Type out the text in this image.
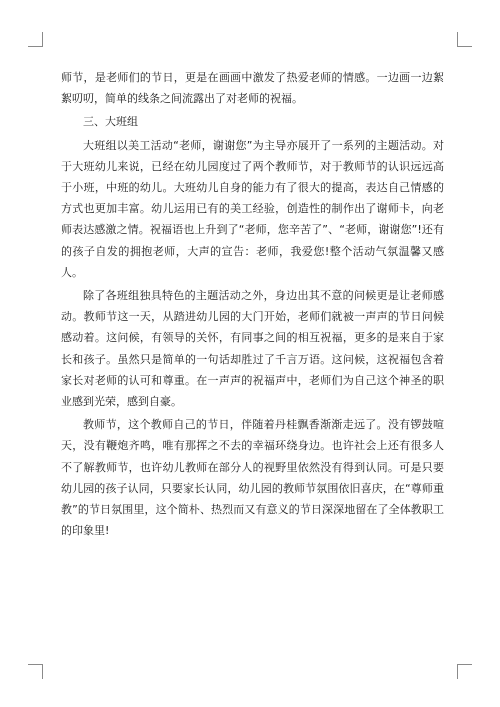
师节，是老师们的节日，更是在画画中激发了热爱老师的情感。一边画一边絮絮叨叨，简单的线条之间流露出了对老师的祝福。

三、大班组

大班组以美工活动“老师，谢谢您”为主导亦展开了一系列的主题活动。对于大班幼儿来说，已经在幼儿园度过了两个教师节，对于教师节的认识远远高于小班，中班的幼儿。大班幼儿自身的能力有了很大的提高，表达自己情感的方式也更加丰富。幼儿运用已有的美工经验，创造性的制作出了谢师卡，向老师表达感激之情。祝福语也上升到了“老师，您辛苦了”、“老师，谢谢您”!还有的孩子自发的拥抱老师，大声的宣告：老师，我爱您!整个活动气氛温馨又感人。

除了各班组独具特色的主题活动之外，身边出其不意的问候更是让老师感动。教师节这一天，从踏进幼儿园的大门开始，老师们就被一声声的节日问候感动着。这问候，有领导的关怀，有同事之间的相互祝福，更多的是来自于家长和孩子。虽然只是简单的一句话却胜过了千言万语。这问候，这祝福包含着家长对老师的认可和尊重。在一声声的祝福声中，老师们为自己这个神圣的职业感到光荣，感到自豪。

教师节，这个教师自己的节日，伴随着丹桂飘香渐渐走远了。没有锣鼓喧天，没有鞭炮齐鸣，唯有那挥之不去的幸福环绕身边。也许社会上还有很多人不了解教师节，也许幼儿教师在部分人的视野里依然没有得到认同。可是只要幼儿园的孩子认同，只要家长认同，幼儿园的教师节氛围依旧喜庆，在“尊师重教”的节日氛围里，这个简朴、热烈而又有意义的节日深深地留在了全体教职工的印象里!
